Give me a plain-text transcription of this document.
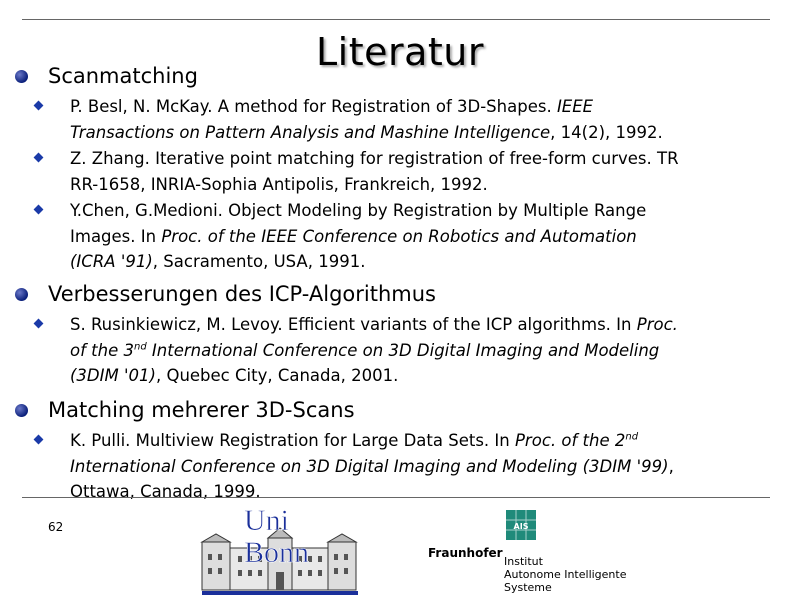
Literatur
Scanmatching
P. Besl, N. McKay. A method for Registration of 3D-Shapes. IEEE
Transactions on Pattern Analysis and Mashine Intelligence, 14(2), 1992.
Z. Zhang. Iterative point matching for registration of free-form curves. TR
RR-1658, INRIA-Sophia Antipolis, Frankreich, 1992.
Y.Chen, G.Medioni. Object Modeling by Registration by Multiple Range
Images. In Proc. of the IEEE Conference on Robotics and Automation
(ICRA '91), Sacramento, USA, 1991.
Verbesserungen des ICP-Algorithmus
S. Rusinkiewicz, M. Levoy. Efficient variants of the ICP algorithms. In Proc.
of the 3nd International Conference on 3D Digital Imaging and Modeling
(3DIM '01), Quebec City, Canada, 2001.
Matching mehrerer 3D-Scans
K. Pulli. Multiview Registration for Large Data Sets. In Proc. of the 2nd
International Conference on 3D Digital Imaging and Modeling (3DIM '99),
Ottawa, Canada, 1999.
62	Uni
Bonn
AIS
Fraunhofer
Institut
Autonome Intelligente
Systeme
